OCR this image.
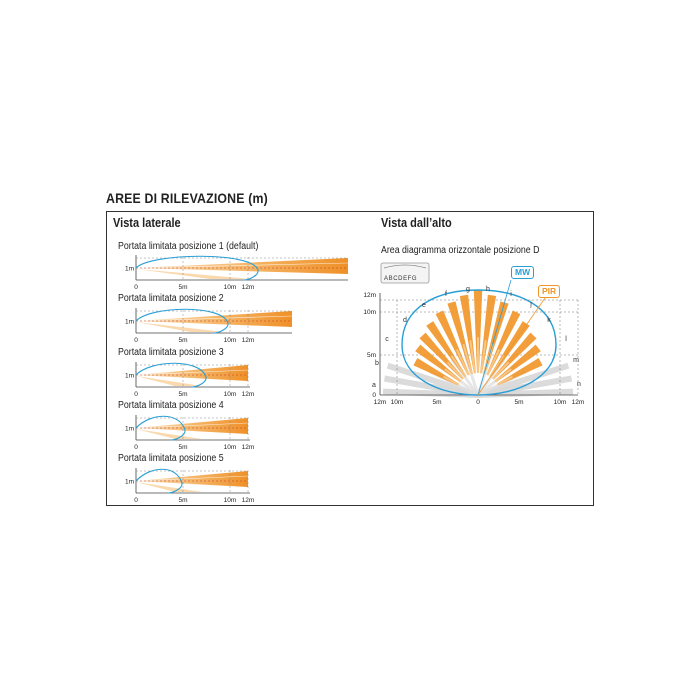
AREE DI RILEVAZIONE (m)
Vista laterale	Vista dall’alto
Portata limitata posizione 1 (default)
Portata limitata posizione 2
Portata limitata posizione 3
Portata limitata posizione 4
Portata limitata posizione 5
Area diagramma orizzontale posizione D
1m
0	5m	10m 12m
1m
0	5m	10m 12m
1m
0	5m	10m 12m
1m
0	5m	10m 12m
1m
0	5m	10m 12m
ABCDEFG
12m
10m
5m
0
12m 10m	5m	0	5m	10m 12m
a
b
c
d
e
f
g h
i
j
k
l
m
n
MW
PIR
